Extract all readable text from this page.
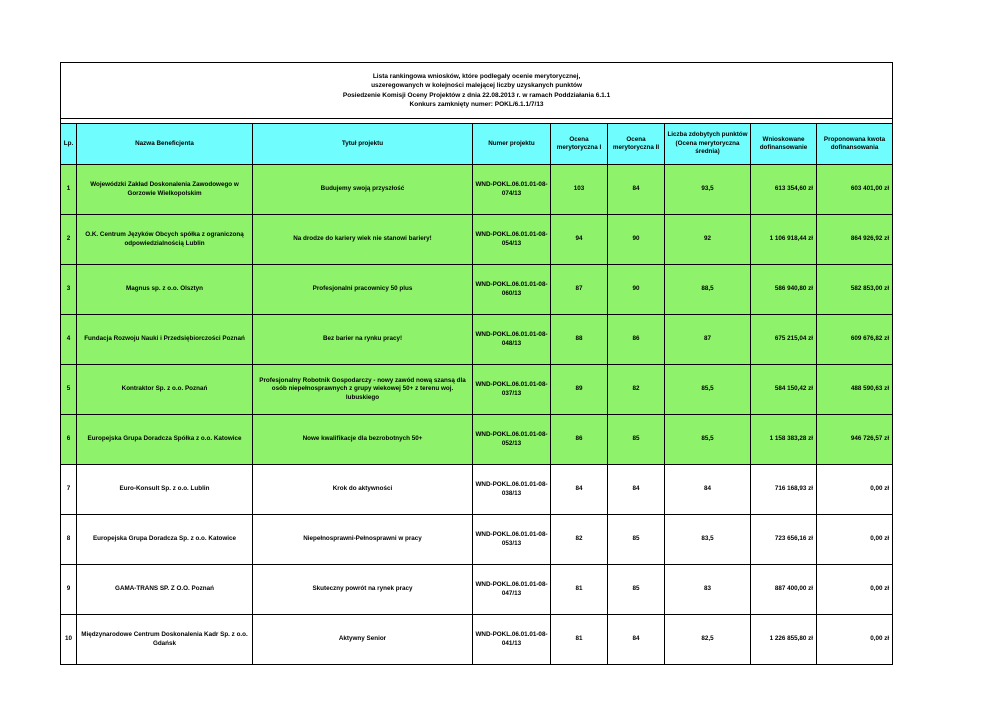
Lista rankingowa wniosków, które podlegały ocenie merytorycznej,
uszeregowanych w kolejności malejącej liczby uzyskanych punktów
Posiedzenie Komisji Oceny Projektów z dnia 22.08.2013 r. w ramach Poddziałania 6.1.1
Konkurs zamknięty numer: POKL/6.1.1/7/13								

Lp.	Nazwa Beneficjenta	Tytuł projektu	Numer projektu	Ocena merytoryczna I	Ocena merytoryczna II	Liczba zdobytych punktów (Ocena merytoryczna średnia)	Wnioskowane dofinansowanie	Proponowana kwota dofinansowania
1	Wojewódzki Zakład Doskonalenia Zawodowego w Gorzowie Wielkopolskim	Budujemy swoją przyszłość	WND-POKL.06.01.01-08-074/13	103	84	93,5	613 354,60 zł	603 401,00 zł
2	O.K. Centrum Języków Obcych spółka z ograniczoną odpowiedzialnością Lublin	Na drodze do kariery wiek nie stanowi bariery!	WND-POKL.06.01.01-08-054/13	94	90	92	1 106 918,44 zł	864 926,92 zł
3	Magnus sp. z o.o. Olsztyn	Profesjonalni pracownicy 50 plus	WND-POKL.06.01.01-08-060/13	87	90	88,5	586 940,80 zł	582 853,00 zł
4	Fundacja Rozwoju Nauki i Przedsiębiorczości Poznań	Bez barier na rynku pracy!	WND-POKL.06.01.01-08-048/13	88	86	87	675 215,04 zł	609 676,82 zł
5	Kontraktor Sp. z o.o. Poznań	Profesjonalny Robotnik Gospodarczy - nowy zawód nową szansą dla osób niepełnosprawnych z grupy wiekowej 50+ z terenu woj. lubuskiego	WND-POKL.06.01.01-08-037/13	89	82	85,5	584 150,42 zł	488 590,63 zł
6	Europejska Grupa Doradcza Spółka z o.o. Katowice	Nowe kwalifikacje dla bezrobotnych 50+	WND-POKL.06.01.01-08-052/13	86	85	85,5	1 158 383,28 zł	946 726,57 zł
7	Euro-Konsult Sp. z o.o. Lublin	Krok do aktywności	WND-POKL.06.01.01-08-038/13	84	84	84	716 168,93 zł	0,00 zł
8	Europejska Grupa Doradcza Sp. z o.o. Katowice	Niepełnosprawni-Pełnosprawni w pracy	WND-POKL.06.01.01-08-053/13	82	85	83,5	723 656,16 zł	0,00 zł
9	GAMA-TRANS SP. Z O.O. Poznań	Skuteczny powrót na rynek pracy	WND-POKL.06.01.01-08-047/13	81	85	83	887 400,00 zł	0,00 zł
10	Międzynarodowe Centrum Doskonalenia Kadr Sp. z o.o. Gdańsk	Aktywny Senior	WND-POKL.06.01.01-08-041/13	81	84	82,5	1 226 855,80 zł	0,00 zł
